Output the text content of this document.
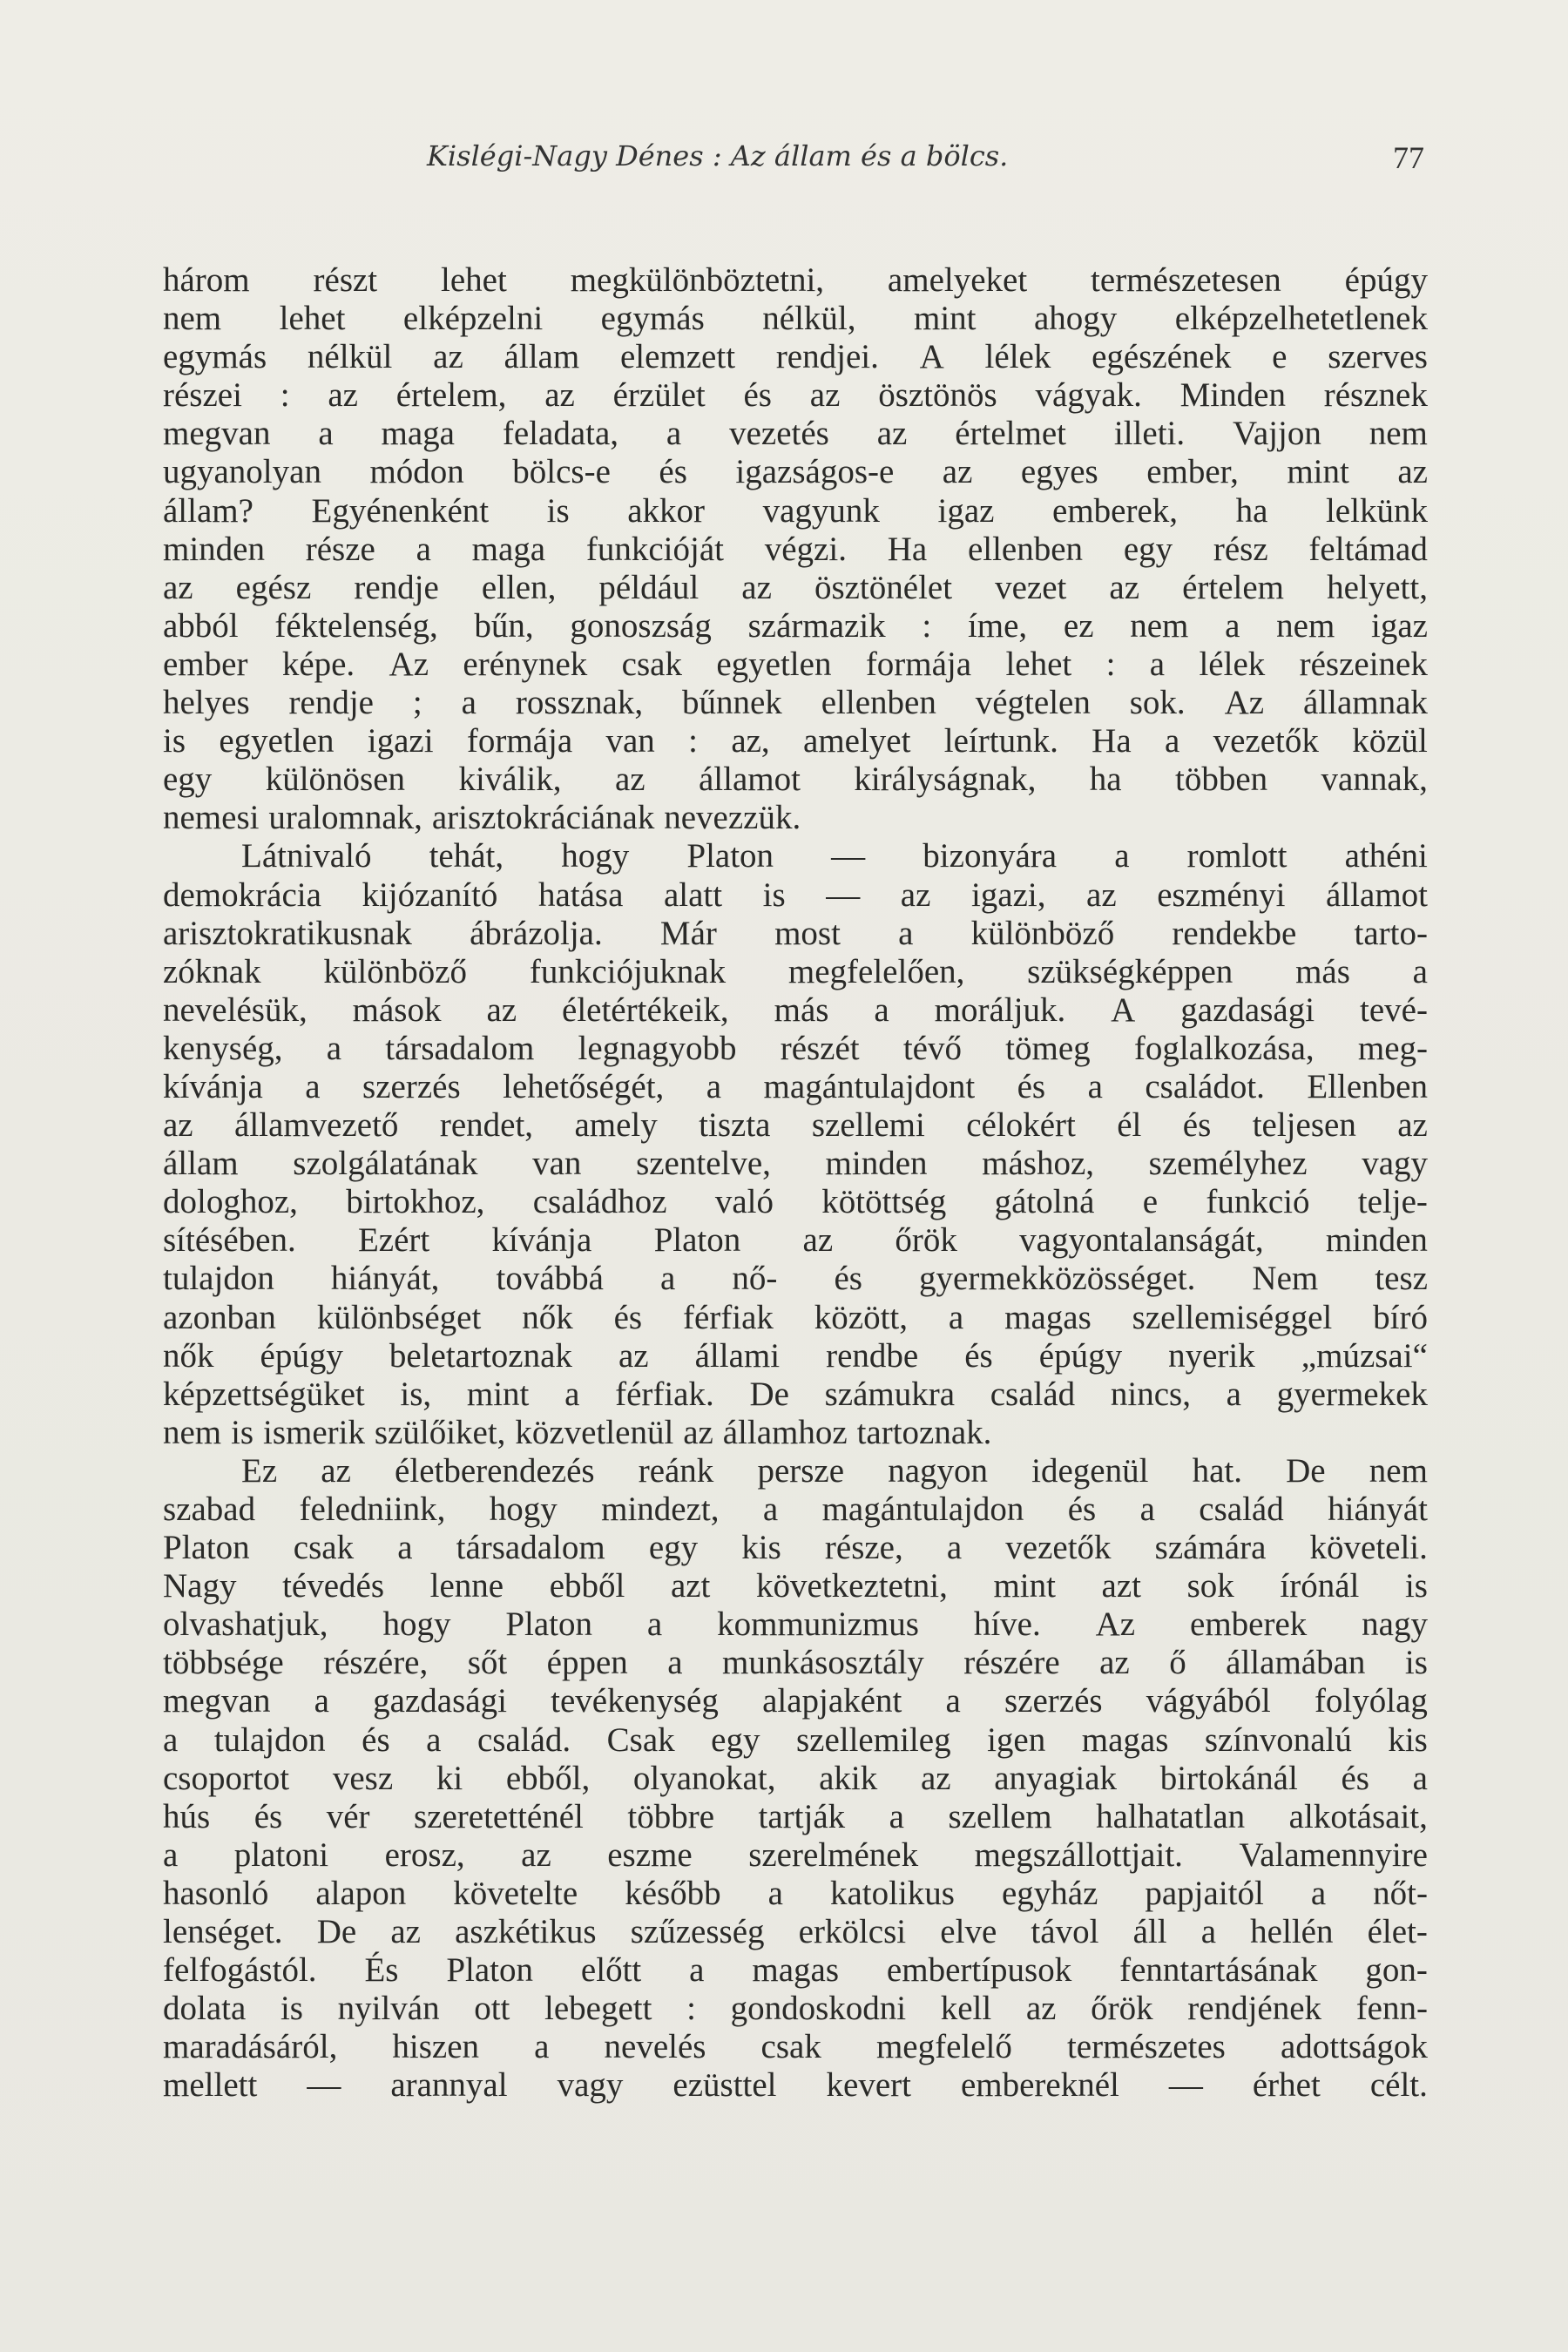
Kislégi-Nagy Dénes : Az állam és a bölcs.	77
három részt lehet megkülönböztetni, amelyeket természetesen épúgy
nem lehet elképzelni egymás nélkül, mint ahogy elképzelhetetlenek
egymás nélkül az állam elemzett rendjei. A lélek egészének e szerves
részei : az értelem, az érzület és az ösztönös vágyak. Minden résznek
megvan a maga feladata, a vezetés az értelmet illeti. Vajjon nem
ugyanolyan módon bölcs-e és igazságos-e az egyes ember, mint az
állam? Egyénenként is akkor vagyunk igaz emberek, ha lelkünk
minden része a maga funkcióját végzi. Ha ellenben egy rész feltámad
az egész rendje ellen, például az ösztönélet vezet az értelem helyett,
abból féktelenség, bűn, gonoszság származik : íme, ez nem a nem igaz
ember képe. Az erénynek csak egyetlen formája lehet : a lélek részeinek
helyes rendje ; a rossznak, bűnnek ellenben végtelen sok. Az államnak
is egyetlen igazi formája van : az, amelyet leírtunk. Ha a vezetők közül
egy különösen kiválik, az államot királyságnak, ha többen vannak,
nemesi uralomnak, arisztokráciának nevezzük.
Látnivaló tehát, hogy Platon — bizonyára a romlott athéni
demokrácia kijózanító hatása alatt is — az igazi, az eszményi államot
arisztokratikusnak ábrázolja. Már most a különböző rendekbe tarto-
zóknak különböző funkciójuknak megfelelően, szükségképpen más a
nevelésük, mások az életértékeik, más a moráljuk. A gazdasági tevé-
kenység, a társadalom legnagyobb részét tévő tömeg foglalkozása, meg-
kívánja a szerzés lehetőségét, a magántulajdont és a családot. Ellenben
az államvezető rendet, amely tiszta szellemi célokért él és teljesen az
állam szolgálatának van szentelve, minden máshoz, személyhez vagy
dologhoz, birtokhoz, családhoz való kötöttség gátolná e funkció telje-
sítésében. Ezért kívánja Platon az őrök vagyontalanságát, minden
tulajdon hiányát, továbbá a nő- és gyermekközösséget. Nem tesz
azonban különbséget nők és férfiak között, a magas szellemiséggel bíró
nők épúgy beletartoznak az állami rendbe és épúgy nyerik „múzsai“
képzettségüket is, mint a férfiak. De számukra család nincs, a gyermekek
nem is ismerik szülőiket, közvetlenül az államhoz tartoznak.
Ez az életberendezés reánk persze nagyon idegenül hat. De nem
szabad feledniink, hogy mindezt, a magántulajdon és a család hiányát
Platon csak a társadalom egy kis része, a vezetők számára követeli.
Nagy tévedés lenne ebből azt következtetni, mint azt sok írónál is
olvashatjuk, hogy Platon a kommunizmus híve. Az emberek nagy
többsége részére, sőt éppen a munkásosztály részére az ő államában is
megvan a gazdasági tevékenység alapjaként a szerzés vágyából folyólag
a tulajdon és a család. Csak egy szellemileg igen magas színvonalú kis
csoportot vesz ki ebből, olyanokat, akik az anyagiak birtokánál és a
hús és vér szeretetténél többre tartják a szellem halhatatlan alkotásait,
a platoni erosz, az eszme szerelmének megszállottjait. Valamennyire
hasonló alapon követelte később a katolikus egyház papjaitól a nőt-
lenséget. De az aszkétikus szűzesség erkölcsi elve távol áll a hellén élet-
felfogástól. És Platon előtt a magas embertípusok fenntartásának gon-
dolata is nyilván ott lebegett : gondoskodni kell az őrök rendjének fenn-
maradásáról, hiszen a nevelés csak megfelelő természetes adottságok
mellett — arannyal vagy ezüsttel kevert embereknél — érhet célt.
